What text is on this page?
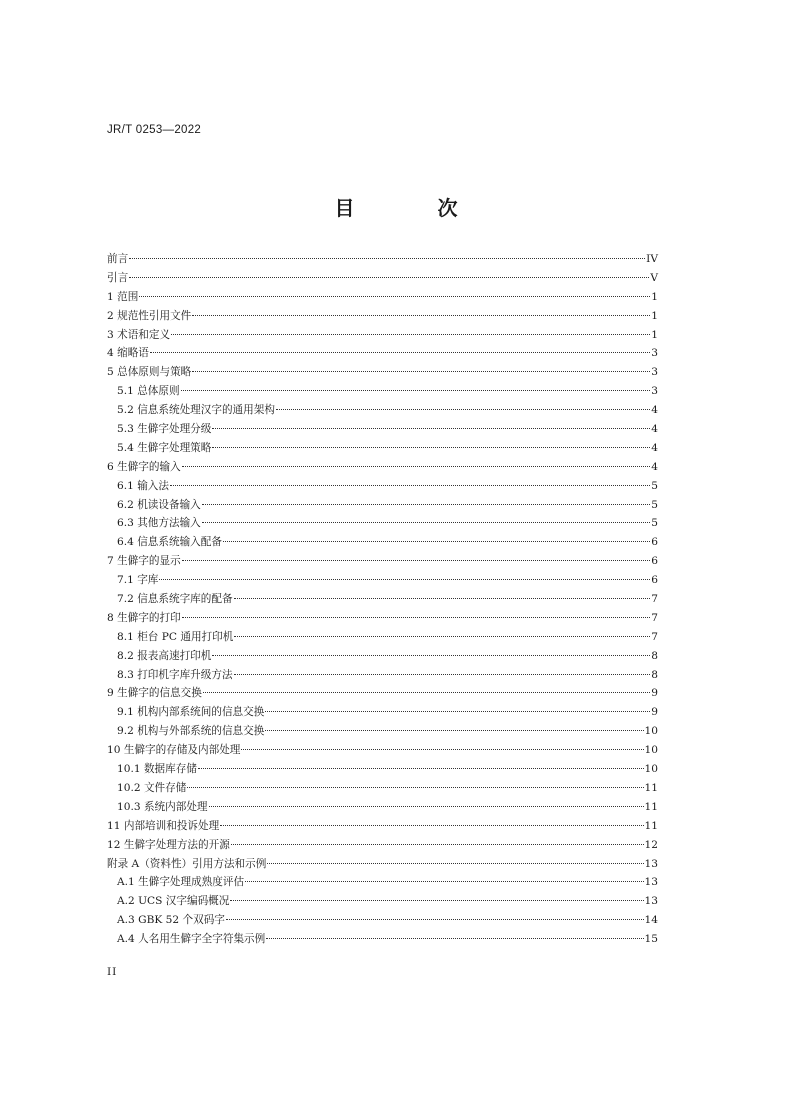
JR/T 0253—2022
目 次
前言	IV
引言	V
1 范围	1
2 规范性引用文件	1
3 术语和定义	1
4 缩略语	3
5 总体原则与策略	3
5.1 总体原则	3
5.2 信息系统处理汉字的通用架构	4
5.3 生僻字处理分级	4
5.4 生僻字处理策略	4
6 生僻字的输入	4
6.1 输入法	5
6.2 机读设备输入	5
6.3 其他方法输入	5
6.4 信息系统输入配备	6
7 生僻字的显示	6
7.1 字库	6
7.2 信息系统字库的配备	7
8 生僻字的打印	7
8.1 柜台 PC 通用打印机	7
8.2 报表高速打印机	8
8.3 打印机字库升级方法	8
9 生僻字的信息交换	9
9.1 机构内部系统间的信息交换	9
9.2 机构与外部系统的信息交换	10
10 生僻字的存储及内部处理	10
10.1 数据库存储	10
10.2 文件存储	11
10.3 系统内部处理	11
11 内部培训和投诉处理	11
12 生僻字处理方法的开源	12
附录 A（资料性）引用方法和示例	13
A.1 生僻字处理成熟度评估	13
A.2 UCS 汉字编码概况	13
A.3 GBK 52 个双码字	14
A.4 人名用生僻字全字符集示例	15
II
